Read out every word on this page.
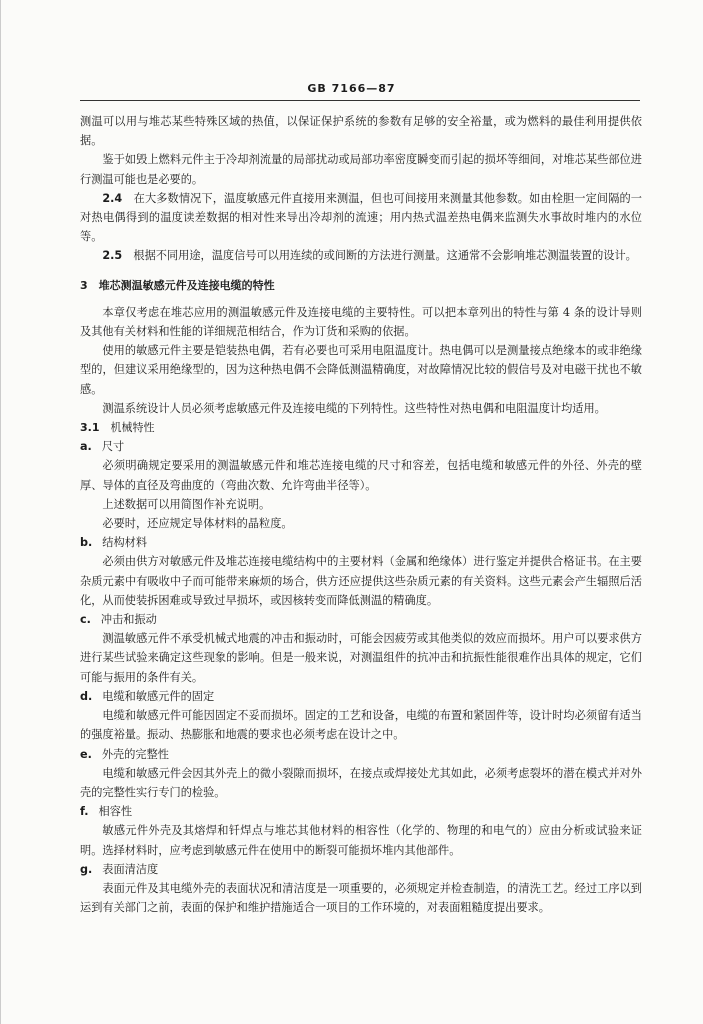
GB 7166—87

测温可以用与堆芯某些特殊区域的热值，以保证保护系统的参数有足够的安全裕量，或为燃料的最佳利用提供依据。

鉴于如毁上燃料元件主于冷却剂流量的局部扰动或局部功率密度瞬变而引起的损坏等细间，对堆芯某些部位进行测温可能也是必要的。

2.4　 在大多数情况下，温度敏感元件直接用来测温，但也可间接用来测量其他参数。如由栓胆一定间隔的一对热电偶得到的温度读差数据的相对性来导出冷却剂的流速；用内热式温差热电偶来监测失水事故时堆内的水位等。

2.5　 根据不同用途，温度信号可以用连续的或间断的方法进行测量。这通常不会影响堆芯测温装置的设计。

3　 堆芯测温敏感元件及连接电缆的特性

本章仅考虑在堆芯应用的测温敏感元件及连接电缆的主要特性。可以把本章列出的特性与第 4 条的设计导则及其他有关材料和性能的详细规范相结合，作为订货和采购的依据。

使用的敏感元件主要是铠装热电偶，若有必要也可采用电阻温度计。热电偶可以是测量接点绝缘本的或非绝缘型的，但建议采用绝缘型的，因为这种热电偶不会降低测温精确度，对故障情况比较的假信号及对电磁干扰也不敏感。

测温系统设计人员必须考虑敏感元件及连接电缆的下列特性。这些特性对热电偶和电阻温度计均适用。

3.1　 机械特性

a. 尺寸

必须明确规定要采用的测温敏感元件和堆芯连接电缆的尺寸和容差，包括电缆和敏感元件的外径、外壳的壁厚、导体的直径及弯曲度的（弯曲次数、允许弯曲半径等）。

上述数据可以用简图作补充说明。

必要时，还应规定导体材料的晶粒度。

b. 结构材料

必须由供方对敏感元件及堆芯连接电缆结构中的主要材料（金属和绝缘体）进行鉴定并提供合格证书。在主要杂质元素中有吸收中子而可能带来麻烦的场合，供方还应提供这些杂质元素的有关资料。这些元素会产生辐照后活化，从而使装拆困难或导致过早损坏，或因核转变而降低测温的精确度。

c. 冲击和振动

测温敏感元件不承受机械式地震的冲击和振动时，可能会因疲劳或其他类似的效应而损坏。用户可以要求供方进行某些试验来确定这些现象的影响。但是一般来说，对测温组件的抗冲击和抗振性能很难作出具体的规定，它们可能与振用的条件有关。

d. 电缆和敏感元件的固定

电缆和敏感元件可能因固定不妥而损坏。固定的工艺和设备，电缆的布置和紧固件等，设计时均必须留有适当的强度裕量。振动、热膨胀和地震的要求也必须考虑在设计之中。

e. 外壳的完整性

电缆和敏感元件会因其外壳上的微小裂隙而损坏，在接点或焊接处尤其如此，必须考虑裂坏的潜在模式并对外壳的完整性实行专门的检验。

f. 相容性

敏感元件外壳及其熔焊和钎焊点与堆芯其他材料的相容性（化学的、物理的和电气的）应由分析或试验来证明。选择材料时，应考虑到敏感元件在使用中的断裂可能损坏堆内其他部件。

g. 表面清洁度

表面元件及其电缆外壳的表面状况和清洁度是一项重要的，必须规定并检查制造，的清洗工艺。经过工序以到运到有关部门之前，表面的保护和维护措施适合一项目的工作环境的，对表面粗糙度提出要求。
